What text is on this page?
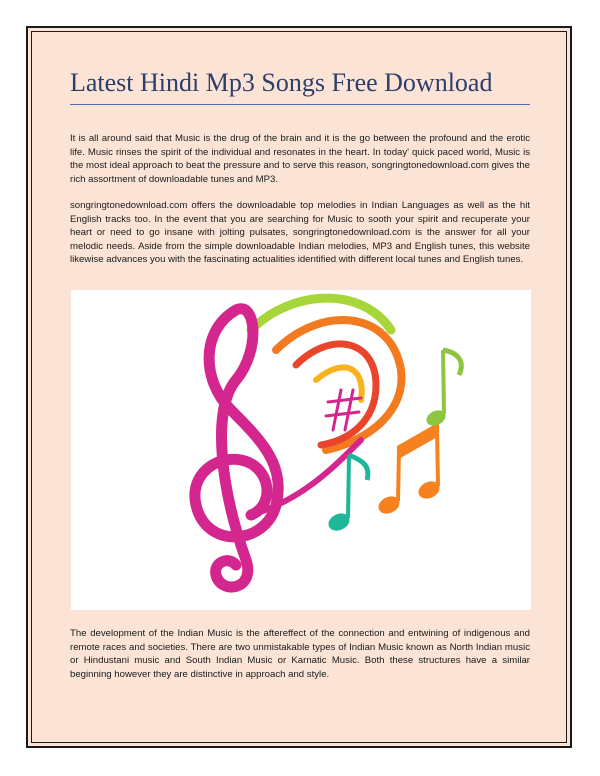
Latest Hindi Mp3 Songs Free Download

It is all around said that Music is the drug of the brain and it is the go between the profound and the erotic life. Music rinses the spirit of the individual and resonates in the heart. In today' quick paced world, Music is the most ideal approach to beat the pressure and to serve this reason, songringtonedownload.com gives the rich assortment of downloadable tunes and MP3.

songringtonedownload.com offers the downloadable top melodies in Indian Languages as well as the hit English tracks too. In the event that you are searching for Music to sooth your spirit and recuperate your heart or need to go insane with jolting pulsates, songringtonedownload.com is the answer for all your melodic needs. Aside from the simple downloadable Indian melodies, MP3 and English tunes, this website likewise advances you with the fascinating actualities identified with different local tunes and English tunes.

The development of the Indian Music is the aftereffect of the connection and entwining of indigenous and remote races and societies. There are two unmistakable types of Indian Music known as North Indian music or Hindustani music and South Indian Music or Karnatic Music. Both these structures have a similar beginning however they are distinctive in approach and style.
